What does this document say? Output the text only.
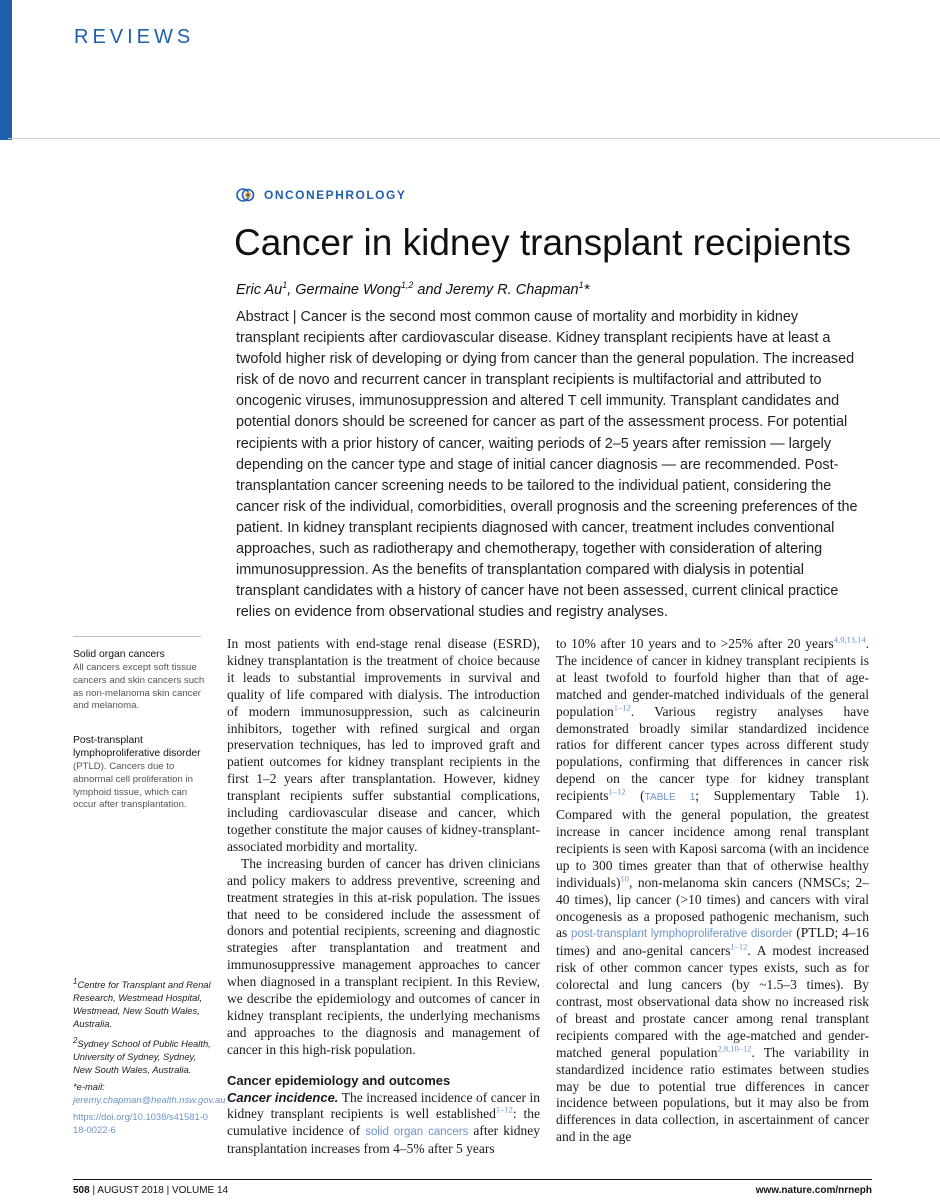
REVIEWS
ONCONEPHROLOGY
Cancer in kidney transplant recipients
Eric Au$^1$, Germaine Wong$^{1,2}$ and Jeremy R. Chapman$^1$*
Abstract | Cancer is the second most common cause of mortality and morbidity in kidney transplant recipients after cardiovascular disease. Kidney transplant recipients have at least a twofold higher risk of developing or dying from cancer than the general population. The increased risk of de novo and recurrent cancer in transplant recipients is multifactorial and attributed to oncogenic viruses, immunosuppression and altered T cell immunity. Transplant candidates and potential donors should be screened for cancer as part of the assessment process. For potential recipients with a prior history of cancer, waiting periods of 2–5 years after remission — largely depending on the cancer type and stage of initial cancer diagnosis — are recommended. Post-transplantation cancer screening needs to be tailored to the individual patient, considering the cancer risk of the individual, comorbidities, overall prognosis and the screening preferences of the patient. In kidney transplant recipients diagnosed with cancer, treatment includes conventional approaches, such as radiotherapy and chemotherapy, together with consideration of altering immunosuppression. As the benefits of transplantation compared with dialysis in potential transplant candidates with a history of cancer have not been assessed, current clinical practice relies on evidence from observational studies and registry analyses.
Solid organ cancers
All cancers except soft tissue cancers and skin cancers such as non-melanoma skin cancer and melanoma.
Post-transplant lymphoproliferative disorder
(PTLD). Cancers due to abnormal cell proliferation in lymphoid tissue, which can occur after transplantation.

$^1$Centre for Transplant and Renal Research, Westmead Hospital, Westmead, New South Wales, Australia.

$^2$Sydney School of Public Health, University of Sydney, Sydney, New South Wales, Australia.

*e-mail: jeremy.chapman@health.nsw.gov.au

https://doi.org/10.1038/s41581-018-0022-6

In most patients with end-stage renal disease (ESRD), kidney transplantation is the treatment of choice because it leads to substantial improvements in survival and quality of life compared with dialysis. The introduction of modern immunosuppression, such as calcineurin inhibitors, together with refined surgical and organ preservation techniques, has led to improved graft and patient outcomes for kidney transplant recipients in the first 1–2 years after transplantation. However, kidney transplant recipients suffer substantial complications, including cardiovascular disease and cancer, which together constitute the major causes of kidney-transplant-associated morbidity and mortality.

The increasing burden of cancer has driven clinicians and policy makers to address preventive, screening and treatment strategies in this at-risk population. The issues that need to be considered include the assessment of donors and potential recipients, screening and diagnostic strategies after transplantation and treatment and immunosuppressive management approaches to cancer when diagnosed in a transplant recipient. In this Review, we describe the epidemiology and outcomes of cancer in kidney transplant recipients, the underlying mechanisms and approaches to the diagnosis and management of cancer in this high-risk population.

Cancer epidemiology and outcomes

Cancer incidence. The increased incidence of cancer in kidney transplant recipients is well established$^{1-12}$: the cumulative incidence of solid organ cancers after kidney transplantation increases from 4–5% after 5 years

to 10% after 10 years and to >25% after 20 years$^{4,9,13,14}$. The incidence of cancer in kidney transplant recipients is at least twofold to fourfold higher than that of age-matched and gender-matched individuals of the general population$^{1-12}$. Various registry analyses have demonstrated broadly similar standardized incidence ratios for different cancer types across different study populations, confirming that differences in cancer risk depend on the cancer type for kidney transplant recipients$^{1-12}$ (TABLE 1; Supplementary Table 1). Compared with the general population, the greatest increase in cancer incidence among renal transplant recipients is seen with Kaposi sarcoma (with an incidence up to 300 times greater than that of otherwise healthy individuals)$^{10}$, non-melanoma skin cancers (NMSCs; 2–40 times), lip cancer (>10 times) and cancers with viral oncogenesis as a proposed pathogenic mechanism, such as post-transplant lymphoproliferative disorder (PTLD; 4–16 times) and ano-genital cancers$^{1-12}$. A modest increased risk of other common cancer types exists, such as for colorectal and lung cancers (by ~1.5–3 times). By contrast, most observational data show no increased risk of breast and prostate cancer among renal transplant recipients compared with the age-matched and gender-matched general population$^{2,8,10-12}$. The variability in standardized incidence ratio estimates between studies may be due to potential true differences in cancer incidence between populations, but it may also be from differences in data collection, in ascertainment of cancer and in the age

508 | AUGUST 2018 | VOLUME 14	www.nature.com/nrneph
